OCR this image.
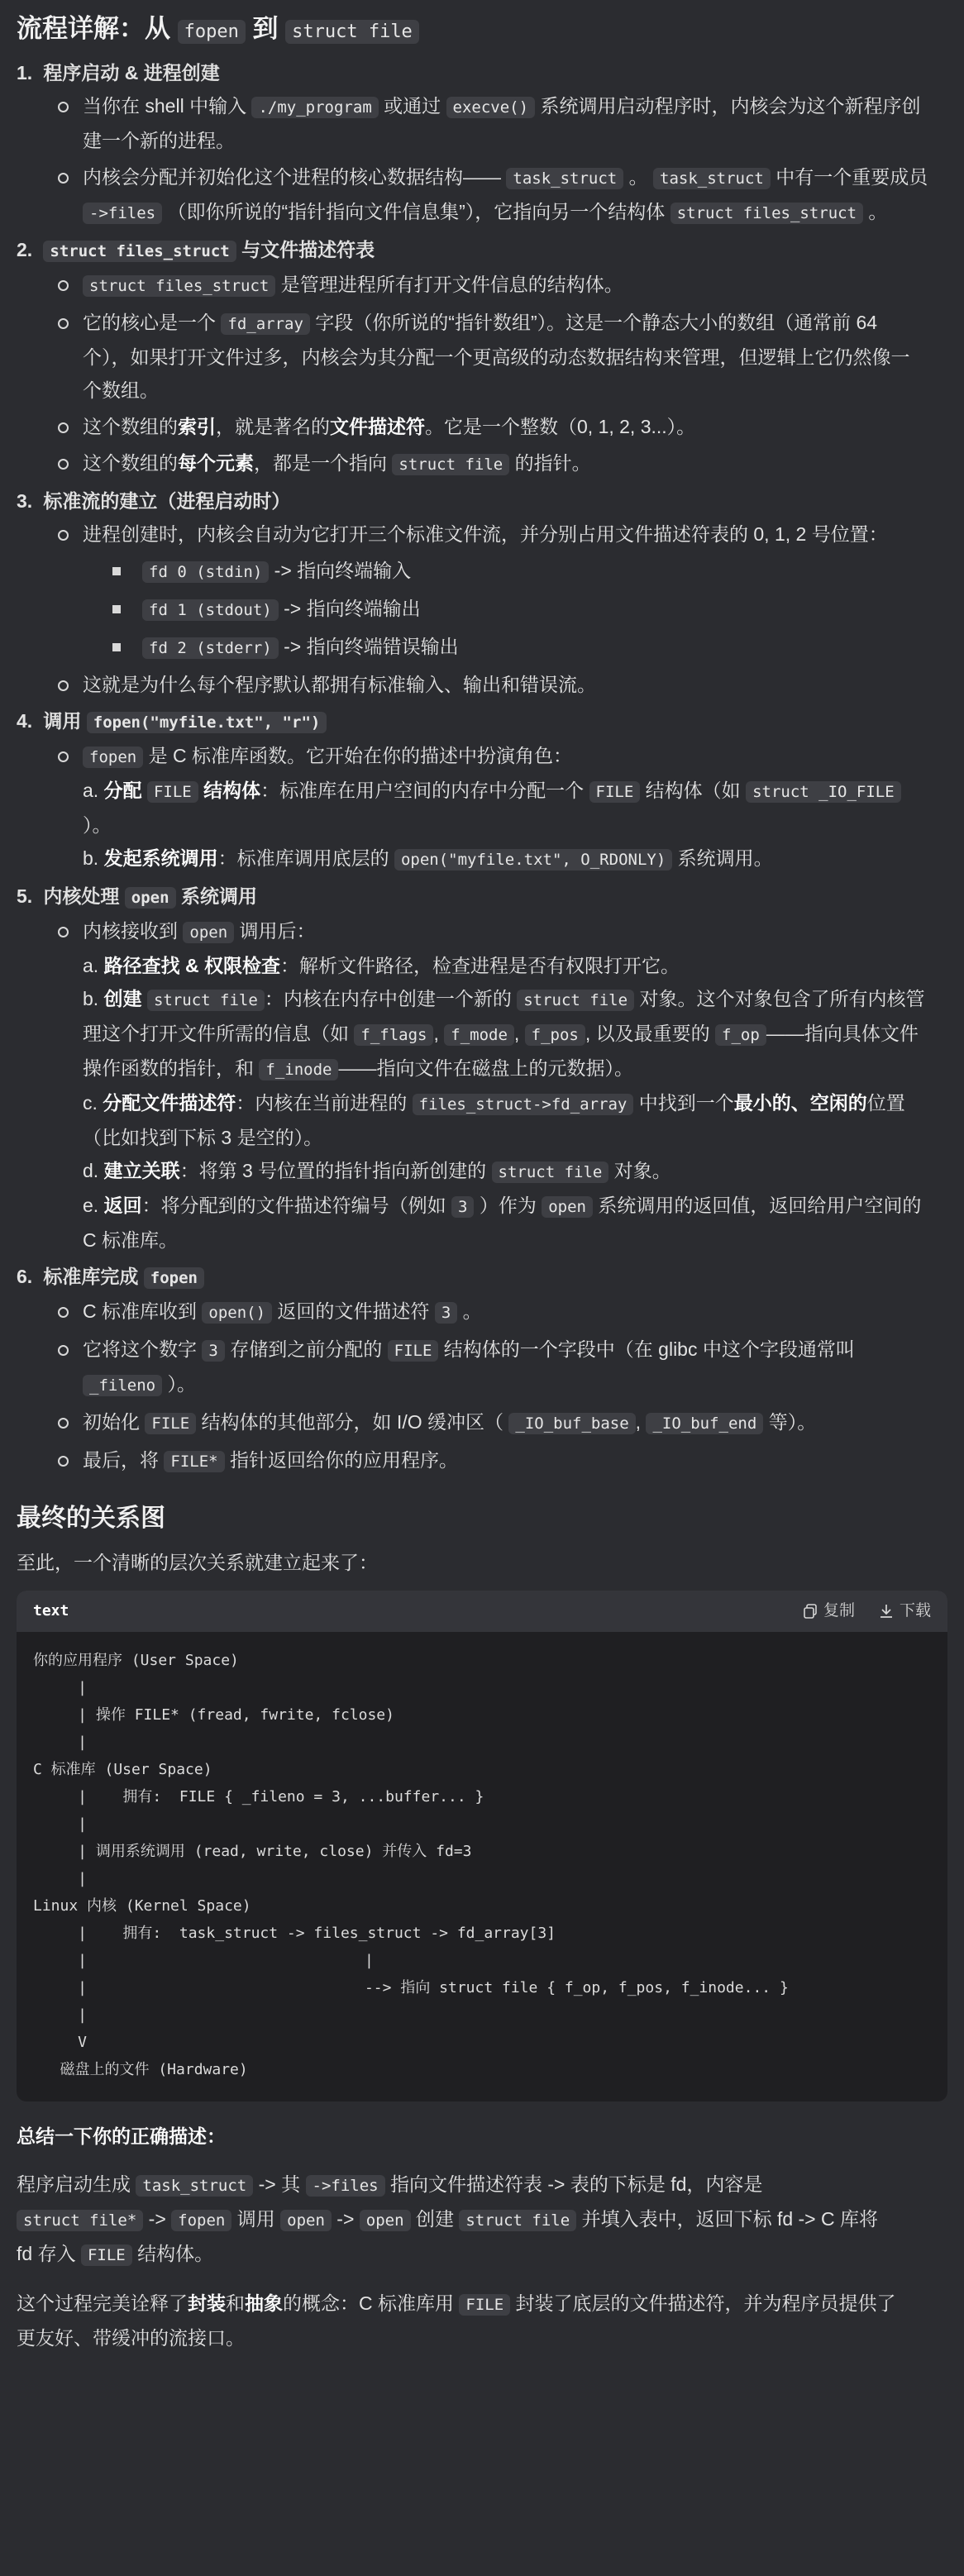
流程详解：从 fopen 到 struct file
1. 程序启动 & 进程创建
当你在 shell 中输入 ./my_program 或通过 execve() 系统调用启动程序时，内核会为这个新程序创
建一个新的进程。
内核会分配并初始化这个进程的核心数据结构—— task_struct 。 task_struct 中有一个重要成员
->files （即你所说的“指针指向文件信息集”），它指向另一个结构体 struct files_struct 。
2. struct files_struct 与文件描述符表
struct files_struct 是管理进程所有打开文件信息的结构体。
它的核心是一个 fd_array 字段（你所说的“指针数组”）。这是一个静态大小的数组（通常前 64
个），如果打开文件过多，内核会为其分配一个更高级的动态数据结构来管理，但逻辑上它仍然像一
个数组。
这个数组的索引，就是著名的文件描述符。它是一个整数（0, 1, 2, 3...）。
这个数组的每个元素，都是一个指向 struct file 的指针。
3. 标准流的建立（进程启动时）
进程创建时，内核会自动为它打开三个标准文件流，并分别占用文件描述符表的 0, 1, 2 号位置：
fd 0 (stdin) -> 指向终端输入
fd 1 (stdout) -> 指向终端输出
fd 2 (stderr) -> 指向终端错误输出
这就是为什么每个程序默认都拥有标准输入、输出和错误流。
4. 调用 fopen("myfile.txt", "r")
fopen 是 C 标准库函数。它开始在你的描述中扮演角色：
a. 分配 FILE 结构体：标准库在用户空间的内存中分配一个 FILE 结构体（如 struct _IO_FILE
）。
b. 发起系统调用：标准库调用底层的 open("myfile.txt", O_RDONLY) 系统调用。
5. 内核处理 open 系统调用
内核接收到 open 调用后：
a. 路径查找 & 权限检查：解析文件路径，检查进程是否有权限打开它。
b. 创建 struct file ：内核在内存中创建一个新的 struct file 对象。这个对象包含了所有内核管
理这个打开文件所需的信息（如 f_flags , f_mode , f_pos , 以及最重要的 f_op ——指向具体文件
操作函数的指针，和 f_inode ——指向文件在磁盘上的元数据）。
c. 分配文件描述符：内核在当前进程的 files_struct->fd_array 中找到一个最小的、空闲的位置
（比如找到下标 3 是空的）。
d. 建立关联：将第 3 号位置的指针指向新创建的 struct file 对象。
e. 返回：将分配到的文件描述符编号（例如 3 ）作为 open 系统调用的返回值，返回给用户空间的
C 标准库。
6. 标准库完成 fopen
C 标准库收到 open() 返回的文件描述符 3 。
它将这个数字 3 存储到之前分配的 FILE 结构体的一个字段中（在 glibc 中这个字段通常叫
_fileno ）。
初始化 FILE 结构体的其他部分，如 I/O 缓冲区（ _IO_buf_base , _IO_buf_end 等）。
最后，将 FILE* 指针返回给你的应用程序。
最终的关系图

至此，一个清晰的层次关系就建立起来了：

text	复制	下载
你的应用程序 (User Space)
|
| 操作 FILE* (fread, fwrite, fclose)
|
C 标准库 (User Space)
|    拥有:  FILE { _fileno = 3, ...buffer... }
|
| 调用系统调用 (read, write, close) 并传入 fd=3
|
Linux 内核 (Kernel Space)
|    拥有:  task_struct -> files_struct -> fd_array[3]
|                               |
|                               --> 指向 struct file { f_op, f_pos, f_inode... }
|
V
磁盘上的文件 (Hardware)

总结一下你的正确描述：

程序启动生成 task_struct -> 其 ->files 指向文件描述符表 -> 表的下标是 fd，内容是
struct file* -> fopen 调用 open -> open 创建 struct file 并填入表中，返回下标 fd -> C 库将
fd 存入 FILE 结构体。

这个过程完美诠释了封装和抽象的概念：C 标准库用 FILE 封装了底层的文件描述符，并为程序员提供了
更友好、带缓冲的流接口。
